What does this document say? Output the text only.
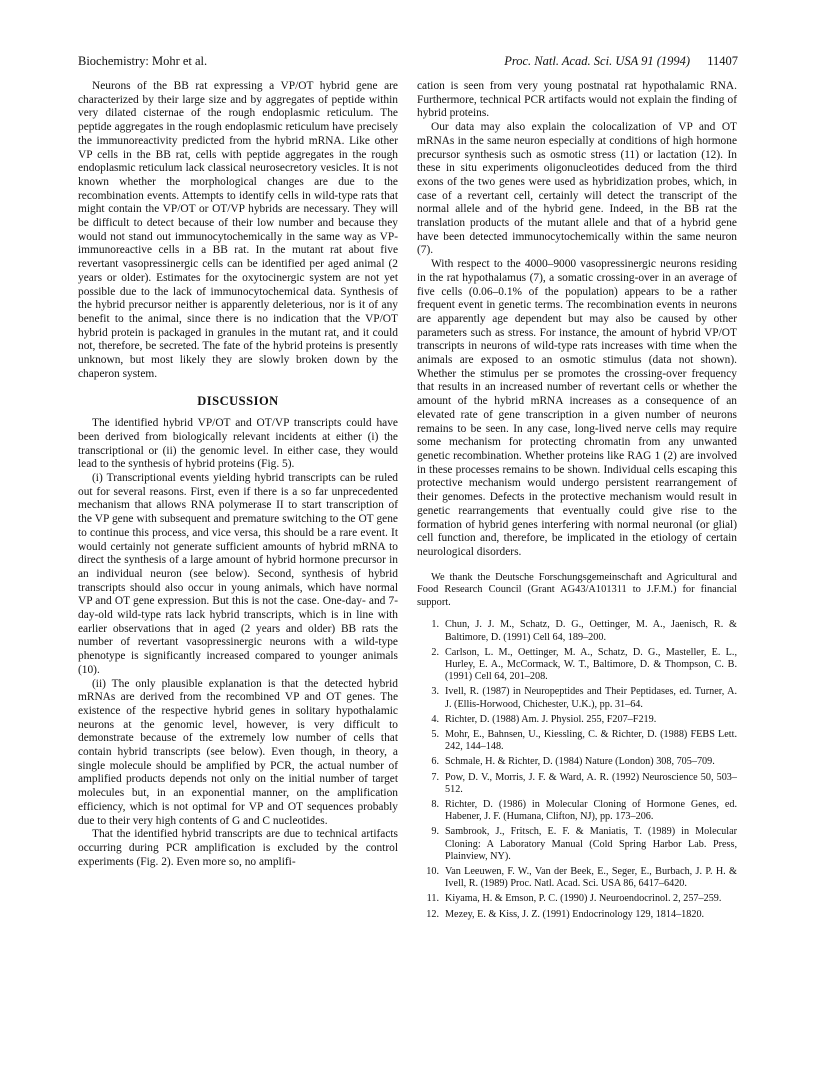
Biochemistry: Mohr et al.	Proc. Natl. Acad. Sci. USA 91 (1994) 11407

Neurons of the BB rat expressing a VP/OT hybrid gene are characterized by their large size and by aggregates of peptide within very dilated cisternae of the rough endoplasmic reticulum. The peptide aggregates in the rough endoplasmic reticulum have precisely the immunoreactivity predicted from the hybrid mRNA. Like other VP cells in the BB rat, cells with peptide aggregates in the rough endoplasmic reticulum lack classical neurosecretory vesicles. It is not known whether the morphological changes are due to the recombination events. Attempts to identify cells in wild-type rats that might contain the VP/OT or OT/VP hybrids are necessary. They will be difficult to detect because of their low number and because they would not stand out immunocytochemically in the same way as VP-immunoreactive cells in a BB rat. In the mutant rat about five revertant vasopressinergic cells can be identified per aged animal (2 years or older). Estimates for the oxytocinergic system are not yet possible due to the lack of immunocytochemical data. Synthesis of the hybrid precursor neither is apparently deleterious, nor is it of any benefit to the animal, since there is no indication that the VP/OT hybrid protein is packaged in granules in the mutant rat, and it could not, therefore, be secreted. The fate of the hybrid proteins is presently unknown, but most likely they are slowly broken down by the chaperon system.

DISCUSSION

The identified hybrid VP/OT and OT/VP transcripts could have been derived from biologically relevant incidents at either (i) the transcriptional or (ii) the genomic level. In either case, they would lead to the synthesis of hybrid proteins (Fig. 5).

(i) Transcriptional events yielding hybrid transcripts can be ruled out for several reasons. First, even if there is a so far unprecedented mechanism that allows RNA polymerase II to start transcription of the VP gene with subsequent and premature switching to the OT gene to continue this process, and vice versa, this should be a rare event. It would certainly not generate sufficient amounts of hybrid mRNA to direct the synthesis of a large amount of hybrid hormone precursor in an individual neuron (see below). Second, synthesis of hybrid transcripts should also occur in young animals, which have normal VP and OT gene expression. But this is not the case. One-day- and 7-day-old wild-type rats lack hybrid transcripts, which is in line with earlier observations that in aged (2 years and older) BB rats the number of revertant vasopressinergic neurons with a wild-type phenotype is significantly increased compared to younger animals (10).

(ii) The only plausible explanation is that the detected hybrid mRNAs are derived from the recombined VP and OT genes. The existence of the respective hybrid genes in solitary hypothalamic neurons at the genomic level, however, is very difficult to demonstrate because of the extremely low number of cells that contain hybrid transcripts (see below). Even though, in theory, a single molecule should be amplified by PCR, the actual number of amplified products depends not only on the initial number of target molecules but, in an exponential manner, on the amplification efficiency, which is not optimal for VP and OT sequences probably due to their very high contents of G and C nucleotides.

That the identified hybrid transcripts are due to technical artifacts occurring during PCR amplification is excluded by the control experiments (Fig. 2). Even more so, no amplifi-

cation is seen from very young postnatal rat hypothalamic RNA. Furthermore, technical PCR artifacts would not explain the finding of hybrid proteins.

Our data may also explain the colocalization of VP and OT mRNAs in the same neuron especially at conditions of high hormone precursor synthesis such as osmotic stress (11) or lactation (12). In these in situ experiments oligonucleotides deduced from the third exons of the two genes were used as hybridization probes, which, in case of a revertant cell, certainly will detect the transcript of the normal allele and of the hybrid gene. Indeed, in the BB rat the translation products of the mutant allele and that of a hybrid gene have been detected immunocytochemically within the same neuron (7).

With respect to the 4000–9000 vasopressinergic neurons residing in the rat hypothalamus (7), a somatic crossing-over in an average of five cells (0.06–0.1% of the population) appears to be a rather frequent event in genetic terms. The recombination events in neurons are apparently age dependent but may also be caused by other parameters such as stress. For instance, the amount of hybrid VP/OT transcripts in neurons of wild-type rats increases with time when the animals are exposed to an osmotic stimulus (data not shown). Whether the stimulus per se promotes the crossing-over frequency that results in an increased number of revertant cells or whether the amount of the hybrid mRNA increases as a consequence of an elevated rate of gene transcription in a given number of neurons remains to be seen. In any case, long-lived nerve cells may require some mechanism for protecting chromatin from any unwanted genetic recombination. Whether proteins like RAG 1 (2) are involved in these processes remains to be shown. Individual cells escaping this protective mechanism would undergo persistent rearrangement of their genomes. Defects in the protective mechanism would result in genetic rearrangements that eventually could give rise to the formation of hybrid genes interfering with normal neuronal (or glial) cell function and, therefore, be implicated in the etiology of certain neurological disorders.

We thank the Deutsche Forschungsgemeinschaft and Agricultural and Food Research Council (Grant AG43/A101311 to J.F.M.) for financial support.

1. Chun, J. J. M., Schatz, D. G., Oettinger, M. A., Jaenisch, R. & Baltimore, D. (1991) Cell 64, 189–200.
2. Carlson, L. M., Oettinger, M. A., Schatz, D. G., Masteller, E. L., Hurley, E. A., McCormack, W. T., Baltimore, D. & Thompson, C. B. (1991) Cell 64, 201–208.
3. Ivell, R. (1987) in Neuropeptides and Their Peptidases, ed. Turner, A. J. (Ellis-Horwood, Chichester, U.K.), pp. 31–64.
4. Richter, D. (1988) Am. J. Physiol. 255, F207–F219.
5. Mohr, E., Bahnsen, U., Kiessling, C. & Richter, D. (1988) FEBS Lett. 242, 144–148.
6. Schmale, H. & Richter, D. (1984) Nature (London) 308, 705–709.
7. Pow, D. V., Morris, J. F. & Ward, A. R. (1992) Neuroscience 50, 503–512.
8. Richter, D. (1986) in Molecular Cloning of Hormone Genes, ed. Habener, J. F. (Humana, Clifton, NJ), pp. 173–206.
9. Sambrook, J., Fritsch, E. F. & Maniatis, T. (1989) in Molecular Cloning: A Laboratory Manual (Cold Spring Harbor Lab. Press, Plainview, NY).
10. Van Leeuwen, F. W., Van der Beek, E., Seger, E., Burbach, J. P. H. & Ivell, R. (1989) Proc. Natl. Acad. Sci. USA 86, 6417–6420.
11. Kiyama, H. & Emson, P. C. (1990) J. Neuroendocrinol. 2, 257–259.
12. Mezey, E. & Kiss, J. Z. (1991) Endocrinology 129, 1814–1820.
